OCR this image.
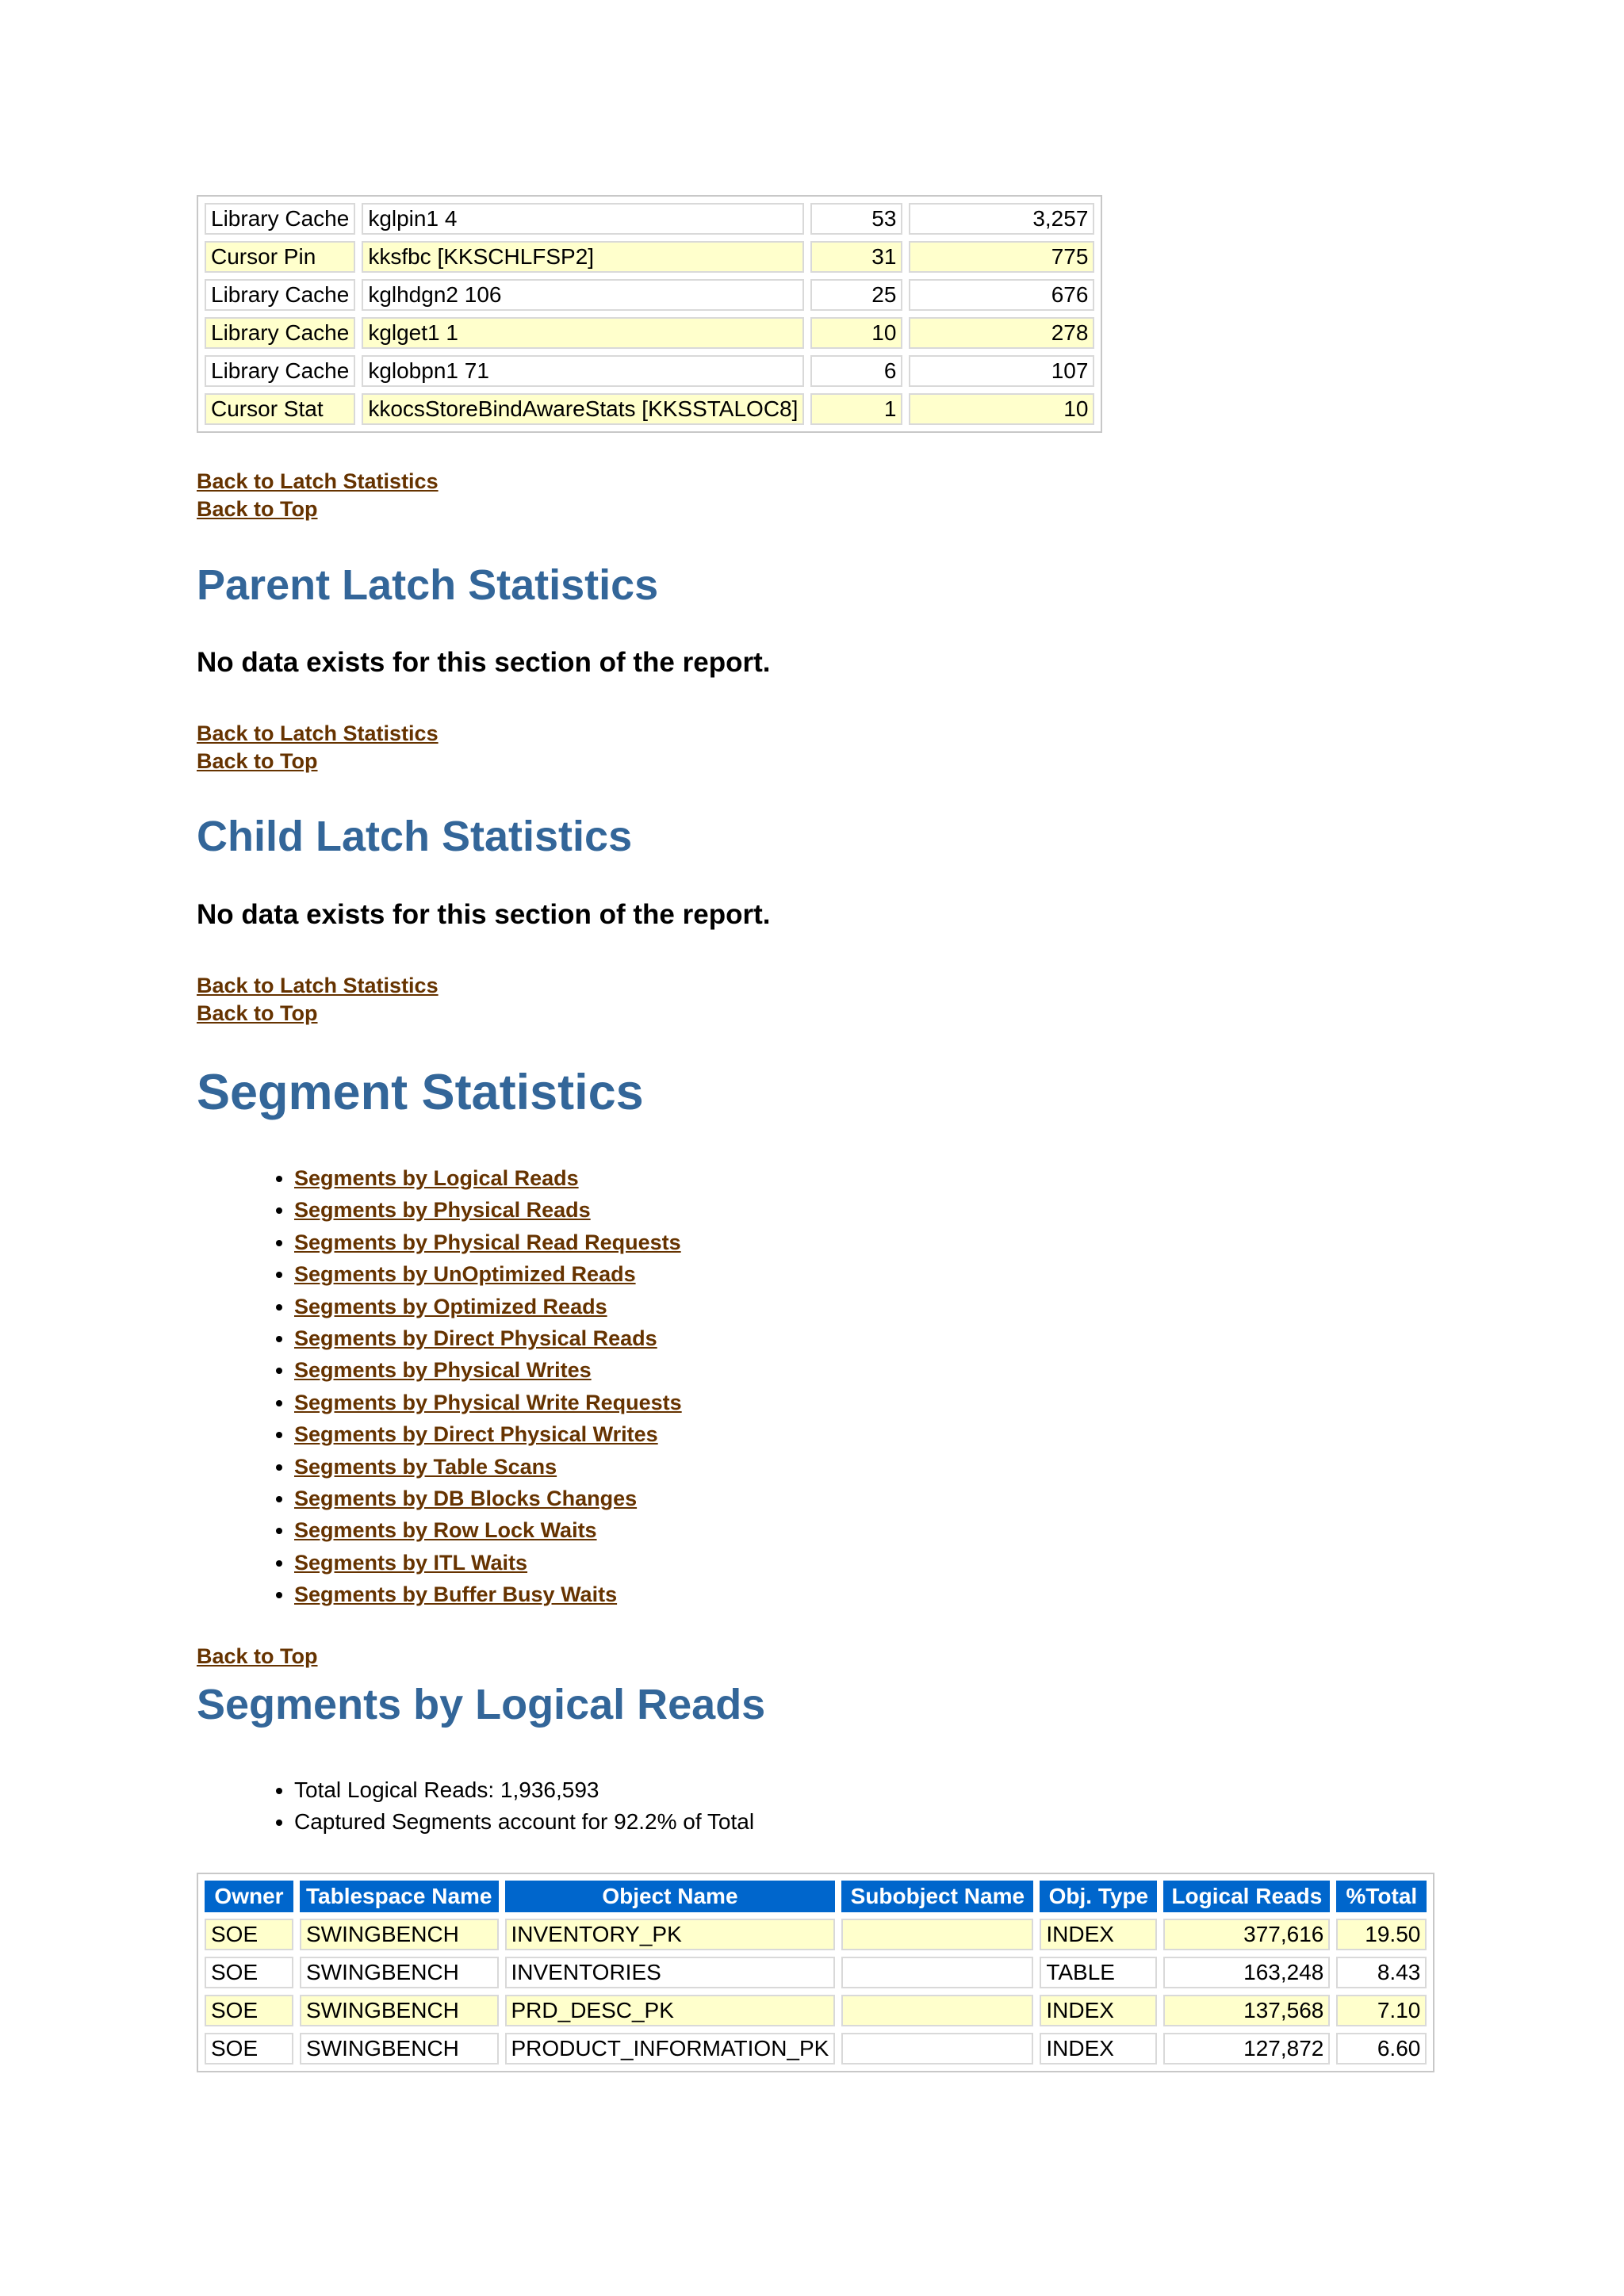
Library Cache	kglpin1 4	53	3,257
Cursor Pin	kksfbc [KKSCHLFSP2]	31	775
Library Cache	kglhdgn2 106	25	676
Library Cache	kglget1 1	10	278
Library Cache	kglobpn1 71	6	107
Cursor Stat	kkocsStoreBindAwareStats [KKSSTALOC8]	1	10
Back to Latch Statistics
Back to Top
Parent Latch Statistics
No data exists for this section of the report.
Back to Latch Statistics
Back to Top
Child Latch Statistics
No data exists for this section of the report.
Back to Latch Statistics
Back to Top
Segment Statistics
• Segments by Logical Reads
• Segments by Physical Reads
• Segments by Physical Read Requests
• Segments by UnOptimized Reads
• Segments by Optimized Reads
• Segments by Direct Physical Reads
• Segments by Physical Writes
• Segments by Physical Write Requests
• Segments by Direct Physical Writes
• Segments by Table Scans
• Segments by DB Blocks Changes
• Segments by Row Lock Waits
• Segments by ITL Waits
• Segments by Buffer Busy Waits
Back to Top
Segments by Logical Reads
• Total Logical Reads: 1,936,593
• Captured Segments account for 92.2% of Total
Owner	Tablespace Name	Object Name	Subobject Name	Obj. Type	Logical Reads	%Total
SOE	SWINGBENCH	INVENTORY_PK		INDEX	377,616	19.50
SOE	SWINGBENCH	INVENTORIES		TABLE	163,248	8.43
SOE	SWINGBENCH	PRD_DESC_PK		INDEX	137,568	7.10
SOE	SWINGBENCH	PRODUCT_INFORMATION_PK		INDEX	127,872	6.60
